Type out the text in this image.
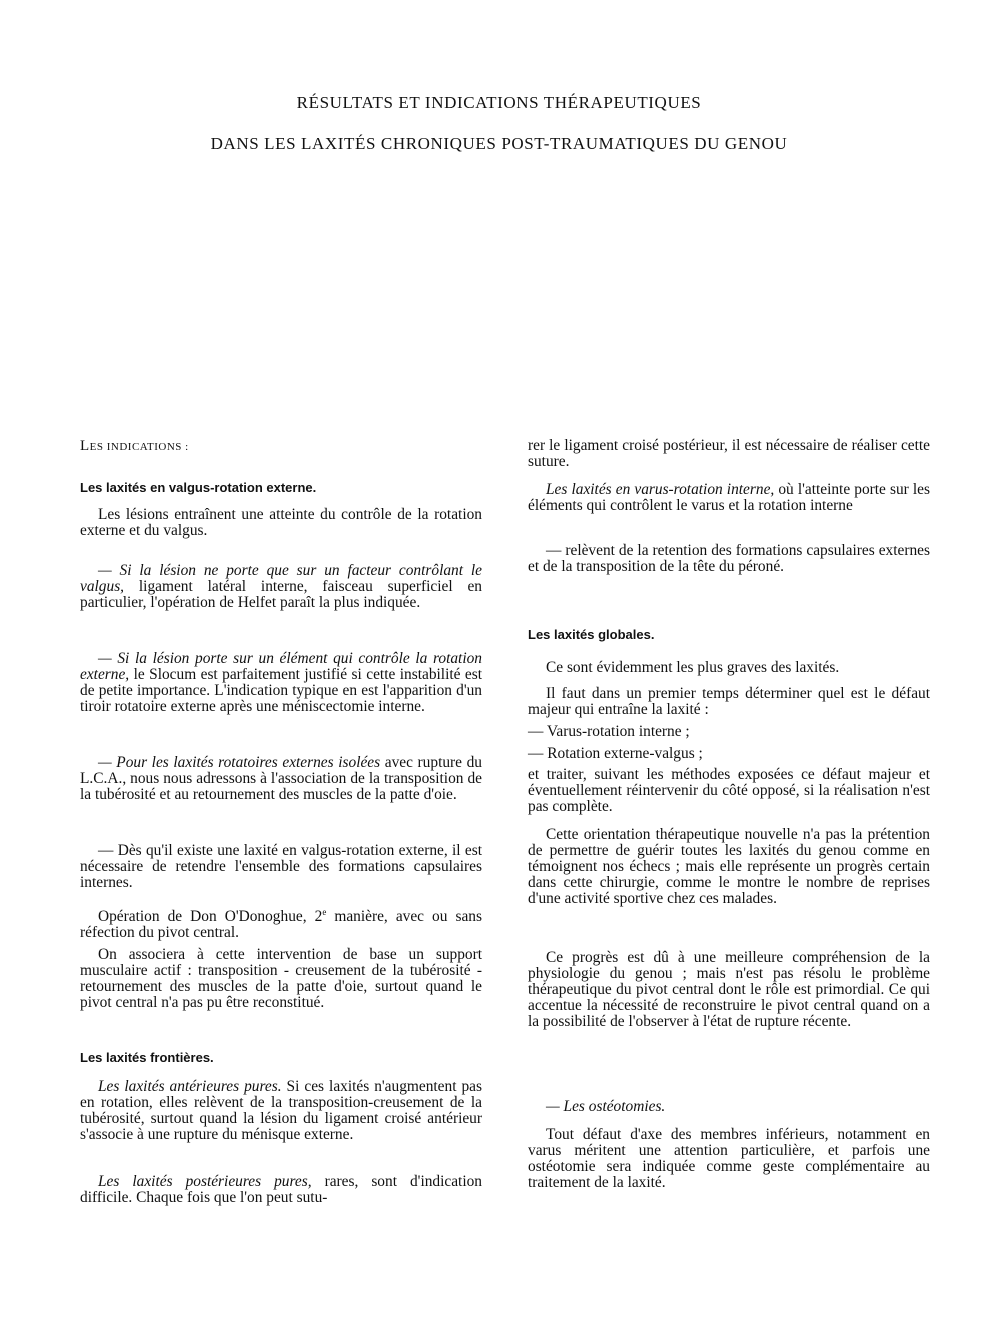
RÉSULTATS ET INDICATIONS THÉRAPEUTIQUES
DANS LES LAXITÉS CHRONIQUES POST-TRAUMATIQUES DU GENOU

LES INDICATIONS :

Les laxités en valgus-rotation externe.

Les lésions entraînent une atteinte du contrôle de la rotation externe et du valgus.

— Si la lésion ne porte que sur un facteur contrôlant le valgus, ligament latéral interne, faisceau superficiel en particulier, l'opération de Helfet paraît la plus indiquée.

— Si la lésion porte sur un élément qui contrôle la rotation externe, le Slocum est parfaitement justifié si cette instabilité est de petite importance. L'indication typique en est l'apparition d'un tiroir rotatoire externe après une méniscectomie interne.

— Pour les laxités rotatoires externes isolées avec rupture du L.C.A., nous nous adressons à l'association de la transposition de la tubérosité et au retournement des muscles de la patte d'oie.

— Dès qu'il existe une laxité en valgus-rotation externe, il est nécessaire de retendre l'ensemble des formations capsulaires internes.

Opération de Don O'Donoghue, 2e manière, avec ou sans réfection du pivot central.

On associera à cette intervention de base un support musculaire actif : transposition - creusement de la tubérosité - retournement des muscles de la patte d'oie, surtout quand le pivot central n'a pas pu être reconstitué.

Les laxités frontières.

Les laxités antérieures pures. Si ces laxités n'augmentent pas en rotation, elles relèvent de la transposition-creusement de la tubérosité, surtout quand la lésion du ligament croisé antérieur s'associe à une rupture du ménisque externe.

Les laxités postérieures pures, rares, sont d'indication difficile. Chaque fois que l'on peut sutu-

rer le ligament croisé postérieur, il est nécessaire de réaliser cette suture.

Les laxités en varus-rotation interne, où l'atteinte porte sur les éléments qui contrôlent le varus et la rotation interne

— relèvent de la retention des formations capsulaires externes et de la transposition de la tête du péroné.

Les laxités globales.

Ce sont évidemment les plus graves des laxités.

Il faut dans un premier temps déterminer quel est le défaut majeur qui entraîne la laxité :

— Varus-rotation interne ;

— Rotation externe-valgus ;

et traiter, suivant les méthodes exposées ce défaut majeur et éventuellement réintervenir du côté opposé, si la réalisation n'est pas complète.

Cette orientation thérapeutique nouvelle n'a pas la prétention de permettre de guérir toutes les laxités du genou comme en témoignent nos échecs ; mais elle représente un progrès certain dans cette chirurgie, comme le montre le nombre de reprises d'une activité sportive chez ces malades.

Ce progrès est dû à une meilleure compréhension de la physiologie du genou ; mais n'est pas résolu le problème thérapeutique du pivot central dont le rôle est primordial. Ce qui accentue la nécessité de reconstruire le pivot central quand on a la possibilité de l'observer à l'état de rupture récente.

— Les ostéotomies.

Tout défaut d'axe des membres inférieurs, notamment en varus méritent une attention particulière, et parfois une ostéotomie sera indiquée comme geste complémentaire au traitement de la laxité.
